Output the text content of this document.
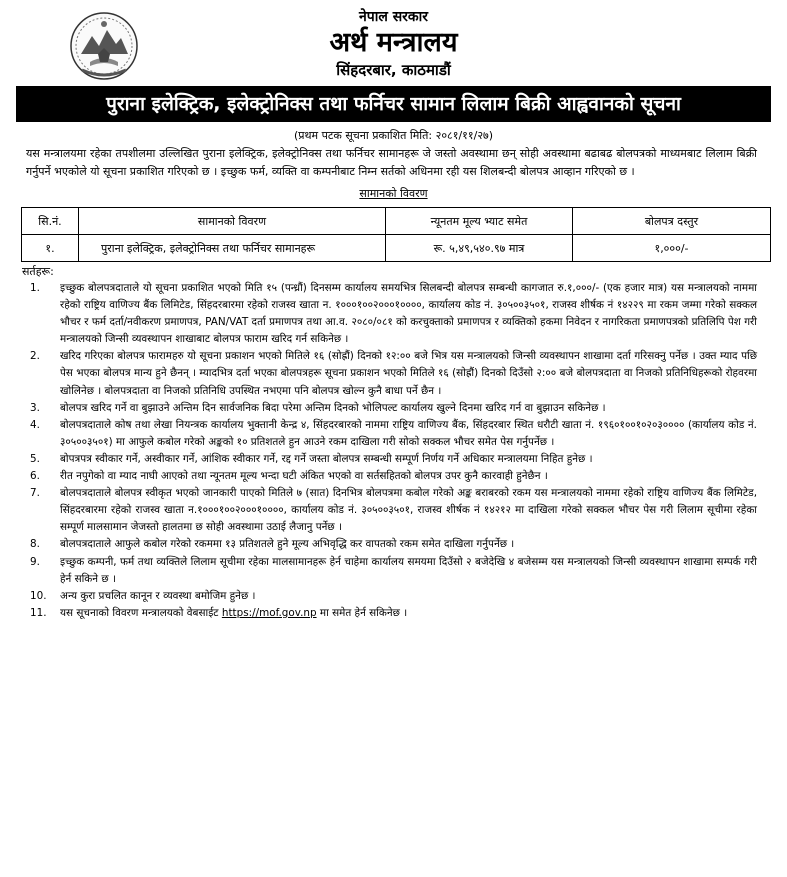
नेपाल सरकार
अर्थ मन्त्रालय
सिंहदरबार, काठमाडौं
पुराना इलेक्ट्रिक, इलेक्ट्रोनिक्स तथा फर्निचर सामान लिलाम बिक्री आह्ववानको सूचना
(प्रथम पटक सूचना प्रकाशित मिति: २०८१/११/२७)
यस मन्त्रालयमा रहेका तपशीलमा उल्लिखित पुराना इलेक्ट्रिक, इलेक्ट्रोनिक्स तथा फर्निचर सामानहरू जे जस्तो अवस्थामा छन् सोही अवस्थामा बढाबढ बोलपत्रको माध्यमबाट लिलाम बिक्री गर्नुपर्ने भएकोले यो सूचना प्रकाशित गरिएको छ । इच्छुक फर्म, व्यक्ति वा कम्पनीबाट निम्न सर्तको अधिनमा रही यस शिलबन्दी बोलपत्र आव्हान गरिएको छ ।
सामानको विवरण
सि.नं.	सामानको विवरण	न्यूनतम मूल्य भ्याट समेत	बोलपत्र दस्तुर
१.	पुराना इलेक्ट्रिक, इलेक्ट्रोनिक्स तथा फर्निचर सामानहरू	रू. ५,४९,५४०.९७ मात्र	१,०००/-
सर्तहरू:
1.	इच्छुक बोलपत्रदाताले यो सूचना प्रकाशित भएको मिति १५ (पन्ध्रौं) दिनसम्म कार्यालय समयभित्र सिलबन्दी बोलपत्र सम्बन्धी कागजात रु.१,०००/- (एक हजार मात्र) यस मन्त्रालयको नाममा रहेको राष्ट्रिय वाणिज्य बैंक लिमिटेड, सिंहदरबारमा रहेको राजस्व खाता न. १०००१००२०००१००००, कार्यालय कोड नं. ३०५००३५०१, राजस्व शीर्षक नं १४२२९ मा रकम जम्मा गरेको सक्कल भौचर र फर्म दर्ता/नवीकरण प्रमाणपत्र, PAN/VAT दर्ता प्रमाणपत्र तथा आ.व. २०८०/०८१ को करचुक्ताको प्रमाणपत्र र व्यक्तिको हकमा निवेदन र नागरिकता प्रमाणपत्रको प्रतिलिपि पेश गरी मन्त्रालयको जिन्सी व्यवस्थापन शाखाबाट बोलपत्र फाराम खरिद गर्न सकिनेछ ।
2.	खरिद गरिएका बोलपत्र फारामहरु यो सूचना प्रकाशन भएको मितिले १६ (सोह्रौं) दिनको १२:०० बजे भित्र यस मन्त्रालयको जिन्सी व्यवस्थापन शाखामा दर्ता गरिसक्नु पर्नेछ । उक्त म्याद पछि पेस भएका बोलपत्र मान्य हुने छैनन् । म्यादभित्र दर्ता भएका बोलपत्रहरू सूचना प्रकाशन भएको मितिले १६ (सोह्रौं) दिनको दिउँसो २:०० बजे बोलपत्रदाता वा निजको प्रतिनिधिहरूको रोहवरमा खोलिनेछ । बोलपत्रदाता वा निजको प्रतिनिधि उपस्थित नभएमा पनि बोलपत्र खोल्न कुनै बाधा पर्ने छैन ।
3.	बोलपत्र खरिद गर्ने वा बुझाउने अन्तिम दिन सार्वजनिक बिदा परेमा अन्तिम दिनको भोलिपल्ट कार्यालय खुल्ने दिनमा खरिद गर्न वा बुझाउन सकिनेछ ।
4.	बोलपत्रदाताले कोष तथा लेखा नियन्त्रक कार्यालय भुक्तानी केन्द्र ४, सिंहदरबारको नाममा राष्ट्रिय वाणिज्य बैंक, सिंहदरबार स्थित धरौटी खाता नं. १९६०१००१०२०३०००० (कार्यालय कोड नं. ३०५००३५०१) मा आफुले कबोल गरेको अङ्कको १० प्रतिशतले हुन आउने रकम दाखिला गरी सोको सक्कल भौचर समेत पेस गर्नुपर्नेछ ।
5.	बोपत्रपत्र स्वीकार गर्ने, अस्वीकार गर्ने, आंशिक स्वीकार गर्ने, रद्द गर्ने जस्ता बोलपत्र सम्बन्धी सम्पूर्ण निर्णय गर्ने अधिकार मन्त्रालयमा निहित हुनेछ ।
6.	रीत नपुगेको वा म्याद नाघी आएको तथा न्यूनतम मूल्य भन्दा घटी अंकित भएको वा सर्तसहितको बोलपत्र उपर कुनै कारवाही हुनेछैन ।
7.	बोलपत्रदाताले बोलपत्र स्वीकृत भएको जानकारी पाएको मितिले ७ (सात) दिनभित्र बोलपत्रमा कबोल गरेको अङ्क बराबरको रकम यस मन्त्रालयको नाममा रहेको राष्ट्रिय वाणिज्य बैंक लिमिटेड, सिंहदरबारमा रहेको राजस्व खाता न.१०००१००२०००१००००, कार्यालय कोड नं. ३०५००३५०१, राजस्व शीर्षक नं १४२१२ मा दाखिला गरेको सक्कल भौचर पेस गरी लिलाम सूचीमा रहेका सम्पूर्ण मालसामान जेजस्तो हालतमा छ सोही अवस्थामा उठाई लैजानु पर्नेछ ।
8.	बोलपत्रदाताले आफुले कबोल गरेको रकममा १३ प्रतिशतले हुने मूल्य अभिवृद्धि कर वापतको रकम समेत दाखिला गर्नुपर्नेछ ।
9.	इच्छुक कम्पनी, फर्म तथा व्यक्तिले लिलाम सूचीमा रहेका मालसामानहरू हेर्न चाहेमा कार्यालय समयमा दिउँसो २ बजेदेखि ४ बजेसम्म यस मन्त्रालयको जिन्सी व्यवस्थापन शाखामा सम्पर्क गरी हेर्न सकिने छ ।
10.	अन्य कुरा प्रचलित कानून र व्यवस्था बमोजिम हुनेछ ।
11.	यस सूचनाको विवरण मन्त्रालयको वेबसाईट https://mof.gov.np मा समेत हेर्न सकिनेछ ।
